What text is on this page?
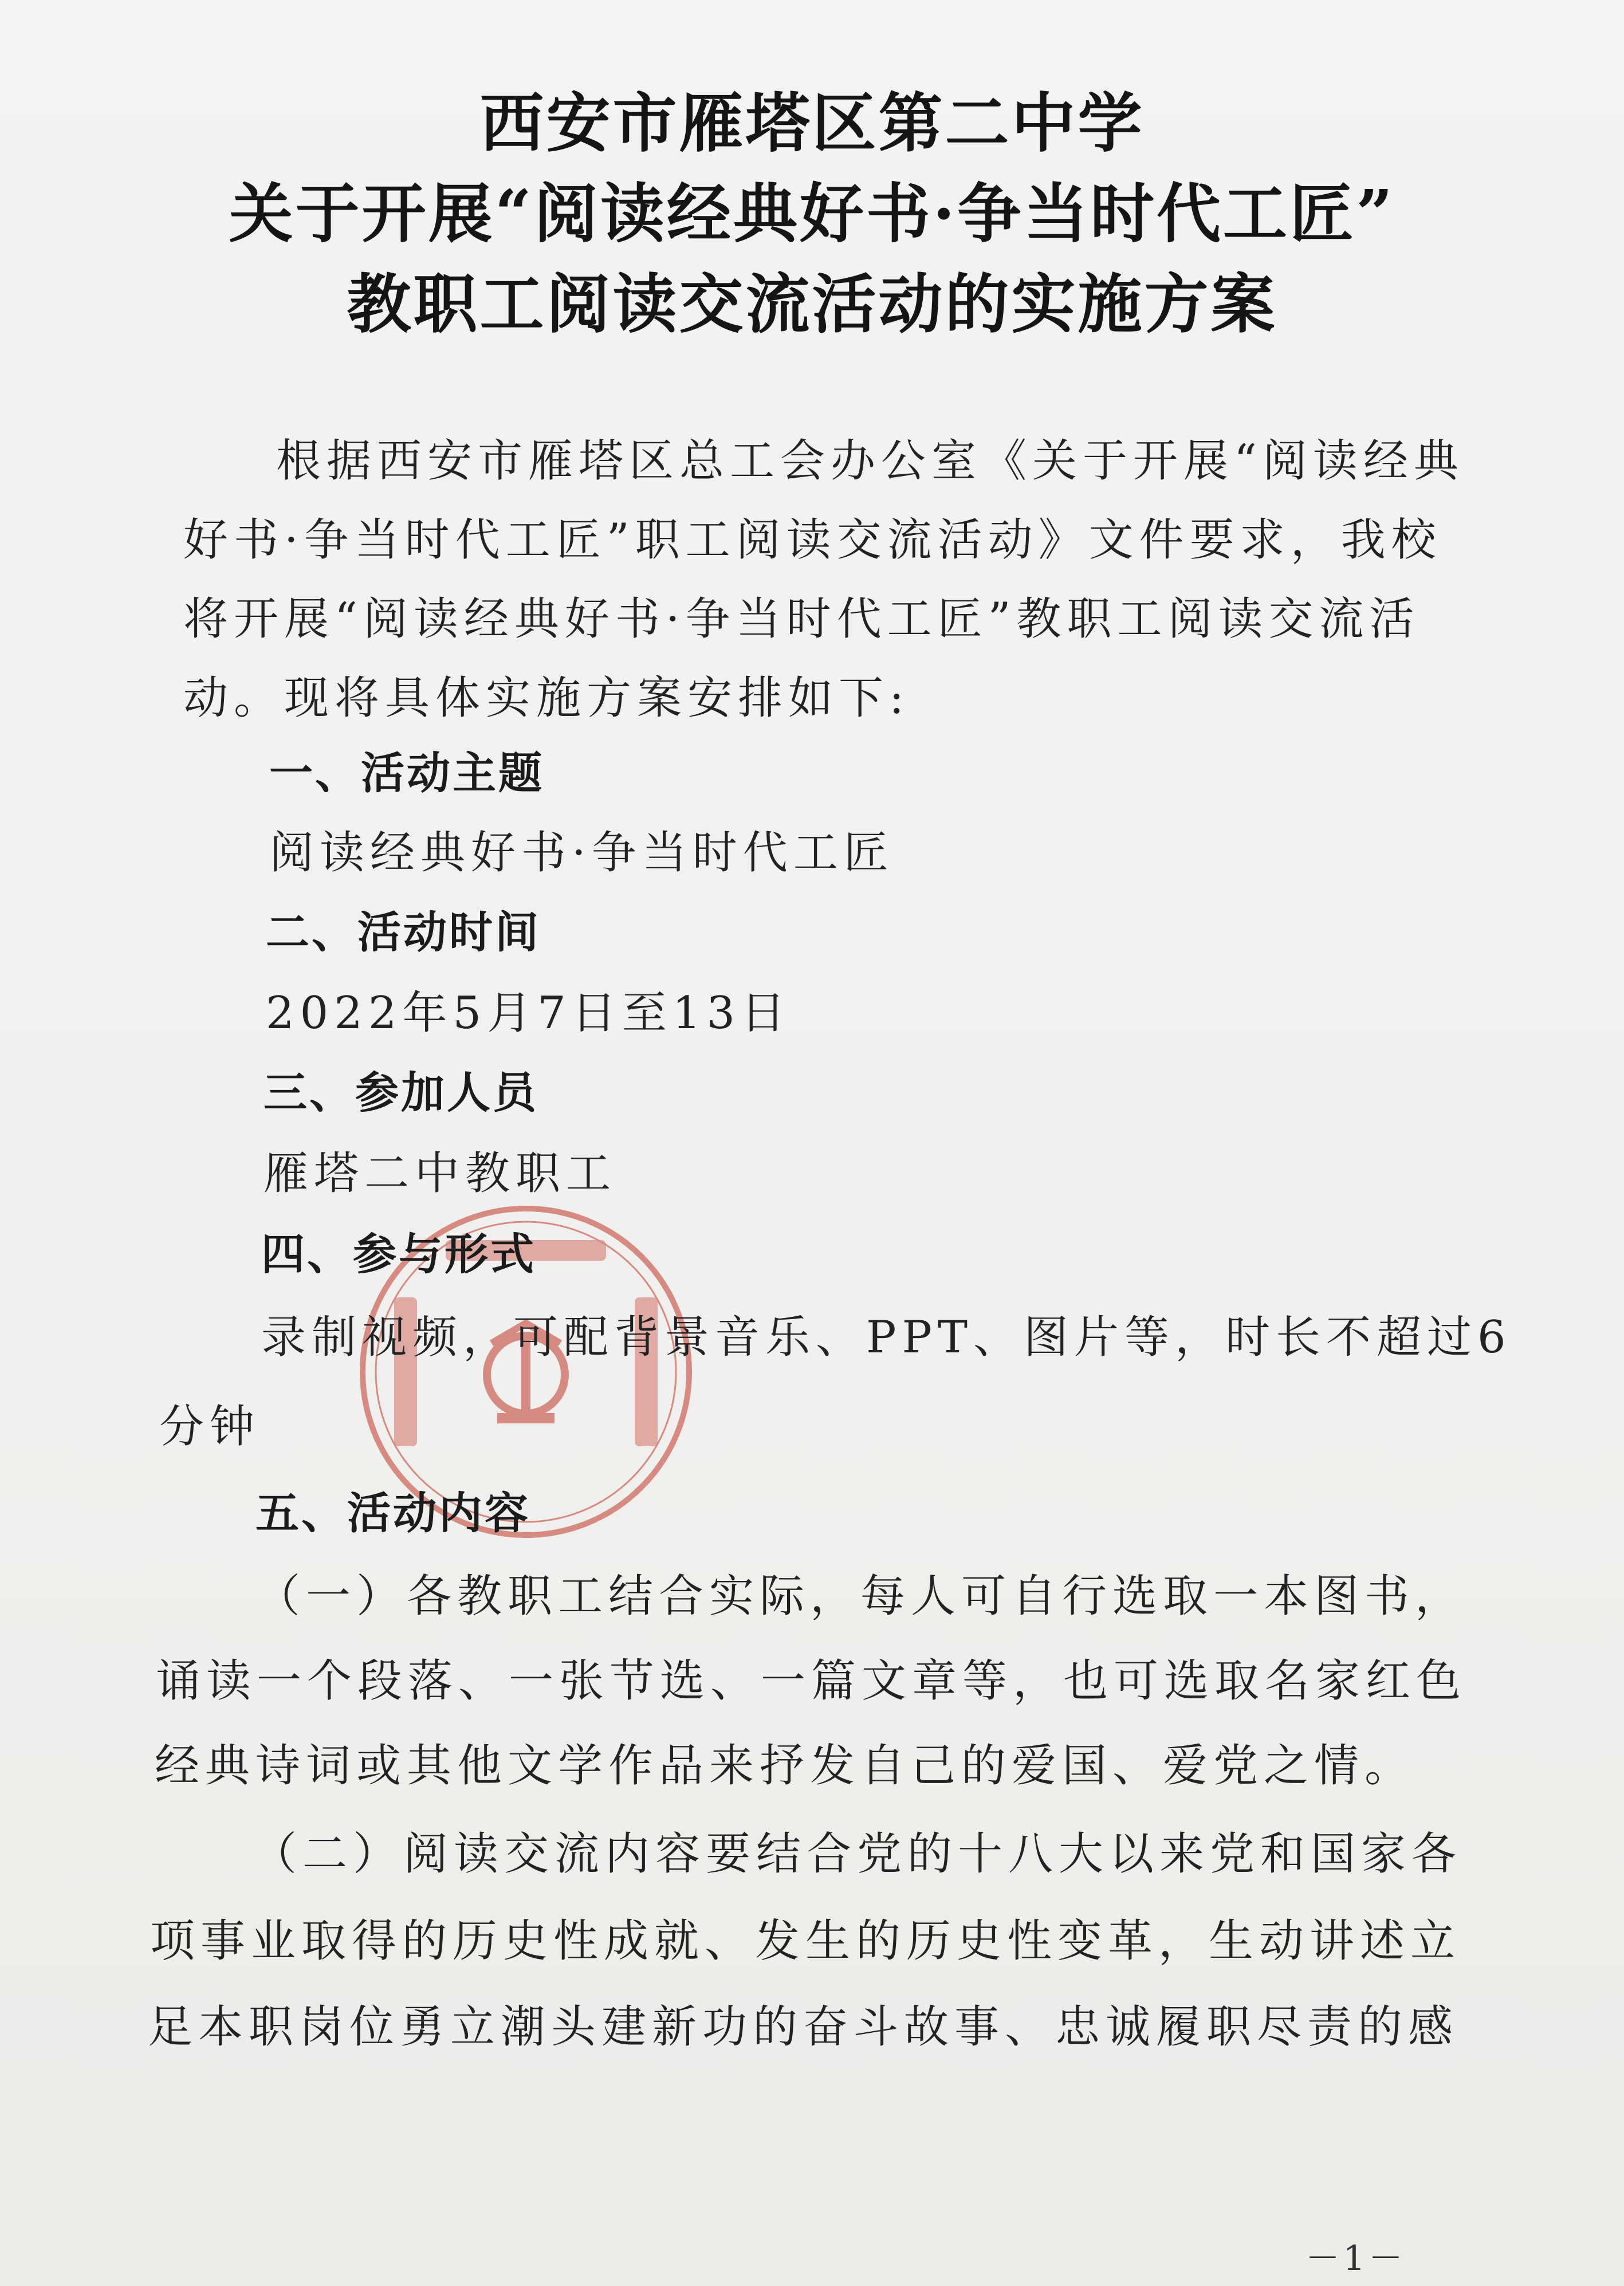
西安市雁塔区第二中学
关于开展“阅读经典好书·争当时代工匠”
教职工阅读交流活动的实施方案
根据西安市雁塔区总工会办公室《关于开展“阅读经典
好书·争当时代工匠”职工阅读交流活动》文件要求，我校
将开展“阅读经典好书·争当时代工匠”教职工阅读交流活
动。现将具体实施方案安排如下:
一、活动主题
阅读经典好书·争当时代工匠
二、活动时间
2022年5月7日至13日
三、参加人员
雁塔二中教职工
四、参与形式
录制视频，可配背景音乐、PPT、图片等，时长不超过6
分钟
五、活动内容
（一）各教职工结合实际，每人可自行选取一本图书，
诵读一个段落、一张节选、一篇文章等，也可选取名家红色
经典诗词或其他文学作品来抒发自己的爱国、爱党之情。
（二）阅读交流内容要结合党的十八大以来党和国家各
项事业取得的历史性成就、发生的历史性变革，生动讲述立
足本职岗位勇立潮头建新功的奋斗故事、忠诚履职尽责的感
－1－
